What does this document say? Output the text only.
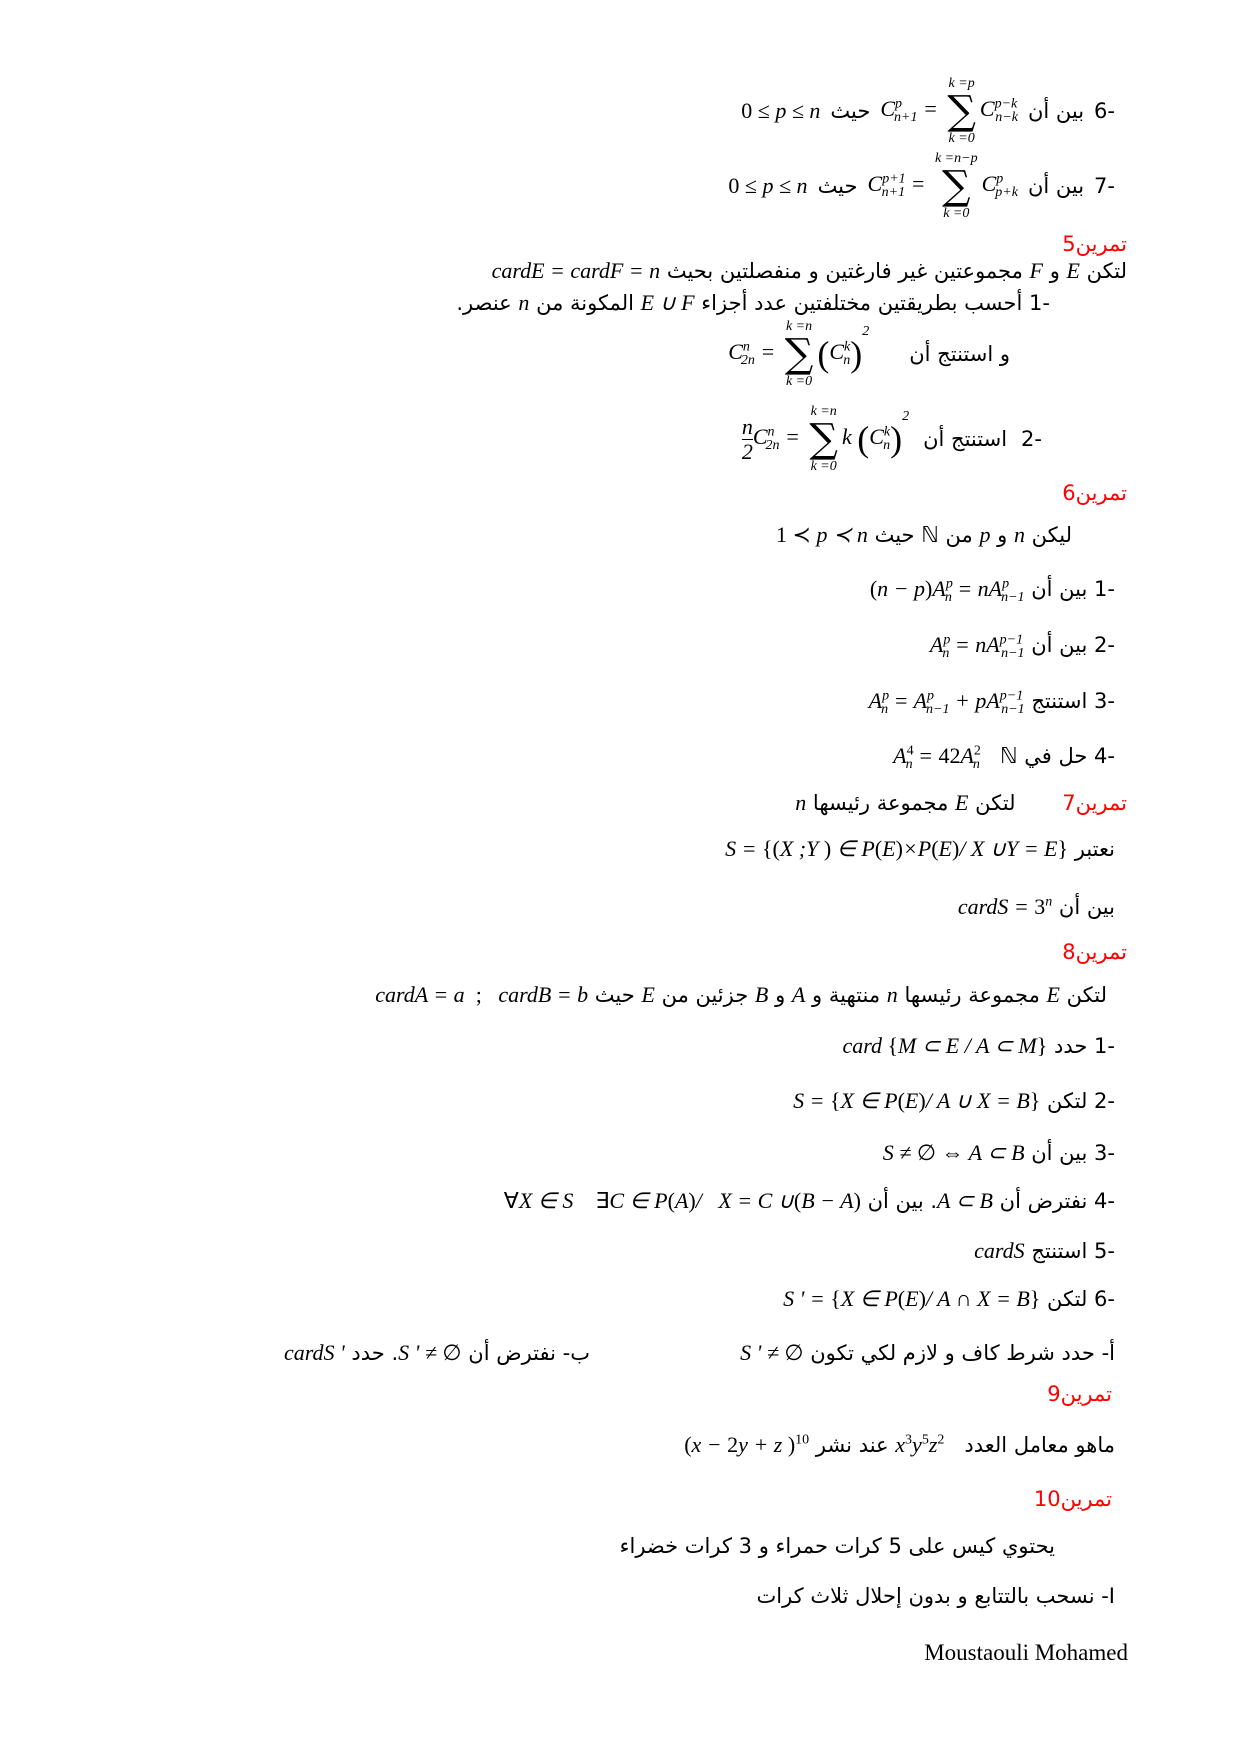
-6
بين أن
$C^p_{n+1}$ =
k =p
∑
k =0
$C^{p-k}_{n-k}$
حيث
0 ≤ p ≤ n
-7
بين أن
$C^{p+1}_{n+1}$ =
k =n−p
∑
k =0
$C^p_{p+k}$
حيث
0 ≤ p ≤ n
تمرين5
لتكن E و F مجموعتين غير فارغتين و منفصلتين بحيث cardE = cardF = n
-1 أحسب بطريقتين مختلفتين عدد أجزاء E ∪ F المكونة من n عنصر.
و استنتج أن
$C^n_{2n}$ =
k =n
∑
k =0
$(C^k_n)^2$
-2
استنتج أن
$\frac{n}{2} C^n_{2n}$ =
k =n
∑
k =0
k $(C^k_n)^2$
تمرين6
ليكن n و p من ℕ حيث 1 ≺ p ≺ n
-1 بين أن $(n - p)A^p_n = nA^p_{n-1}$
-2 بين أن $A^p_n = nA^{p-1}_{n-1}$
-3 استنتج $A^p_n = A^p_{n-1} + pA^{p-1}_{n-1}$
-4 حل في ℕ   $A^4_n = 42A^2_n$
تمرين7       لتكن E مجموعة رئيسها n
نعتبر S = {(X ;Y ) ∈ P(E)×P(E)/ X ∪Y = E}
بين أن cardS = $3^n$
تمرين8
لتكن E مجموعة رئيسها n منتهية و A و B جزئين من E حيث cardA = a  ;   cardB = b
-1 حدد card {M ⊂ E / A ⊂ M}
-2 لتكن S = {X ∈ P(E)/ A ∪ X = B}
-3 بين أن S ≠ ∅ ⇔ A ⊂ B
-4 نفترض أن A ⊂ B. بين أن ∀X ∈ S    ∃C ∈ P(A)/   X = C ∪(B − A)
-5 استنتج cardS
-6 لتكن S ' = {X ∈ P(E)/ A ∩ X = B}
أ- حدد شرط كاف و لازم لكي تكون S ' ≠ ∅
ب- نفترض أن S ' ≠ ∅. حدد cardS '
تمرين9
ماهو معامل العدد   $x^3y^5z^2$ عند نشر (x − 2y + z )$^{10}$
تمرين10
يحتوي كيس على 5 كرات حمراء و 3 كرات خضراء
I- نسحب بالتتابع و بدون إحلال ثلاث كرات
Moustaouli Mohamed
